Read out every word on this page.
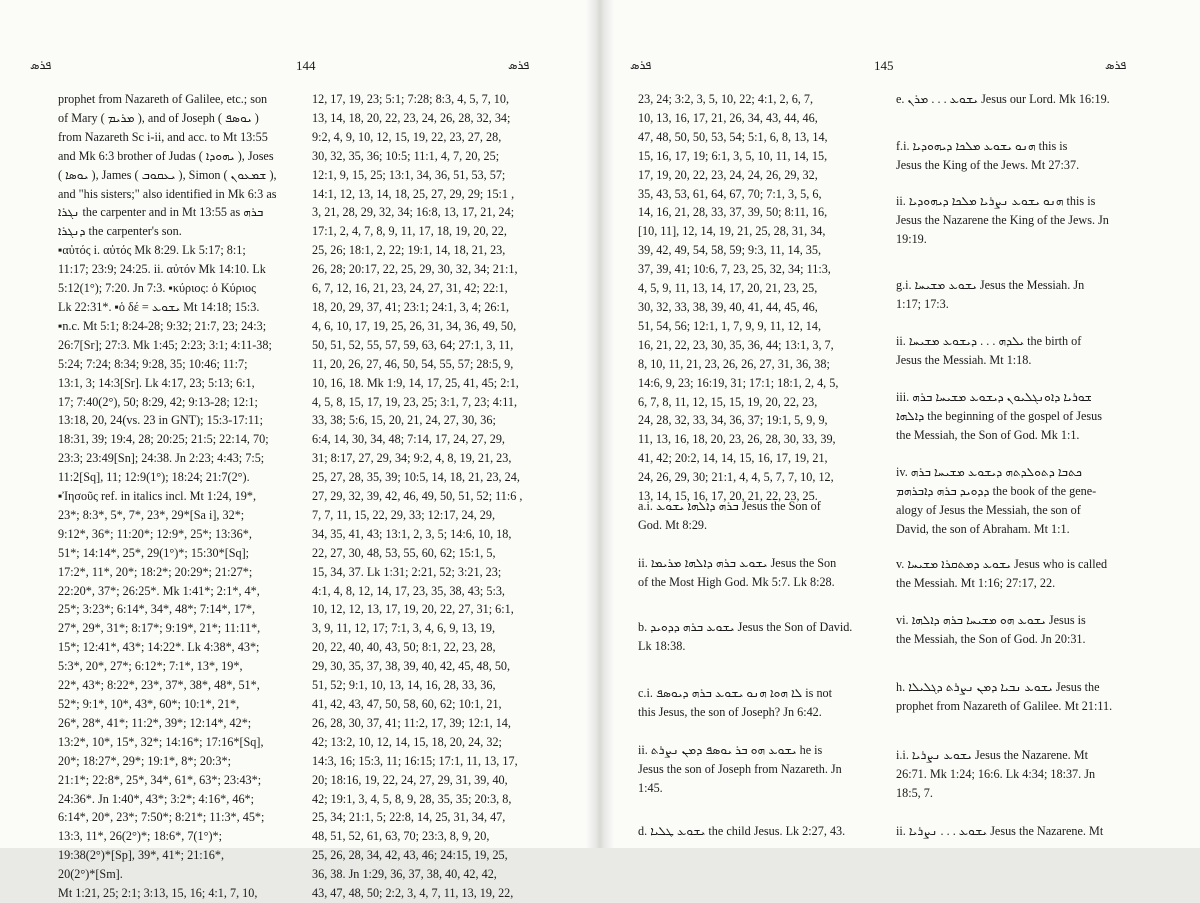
ܦܪܣ	144	ܦܪܣ

prophet from Nazareth of Galilee, etc.; son

of Mary ( ܡܪܝܡ ), and of Joseph ( ܝܘܣܦ )

from Nazareth Sc i-ii, and acc. to Mt 13:55

and Mk 6:3 brother of Judas ( ܝܗܘܕܐ ), Joses

( ܝܘܣܐ ), James ( ܝܥܩܘܒ ), Simon ( ܫܡܥܘܢ ),

and "his sisters;" also identified in Mk 6:3 as

ܢܓܪܐ the carpenter and in Mt 13:55 as ܒܪܗ

ܕܢܓܪܐ the carpenter's son.

▪αὐτός i. αὐτός Mk 8:29. Lk 5:17; 8:1;

11:17; 23:9; 24:25. ii. αὐτόν Mk 14:10. Lk

5:12(1°); 7:20. Jn 7:3. ▪κύριος: ὁ Κύριος

Lk 22:31*. ▪ὁ δέ = ܝܫܘܥ Mt 14:18; 15:3.

▪n.c. Mt 5:1; 8:24-28; 9:32; 21:7, 23; 24:3;

26:7[Sr]; 27:3. Mk 1:45; 2:23; 3:1; 4:11-38;

5:24; 7:24; 8:34; 9:28, 35; 10:46; 11:7;

13:1, 3; 14:3[Sr]. Lk 4:17, 23; 5:13; 6:1,

17; 7:40(2°), 50; 8:29, 42; 9:13-28; 12:1;

13:18, 20, 24(vs. 23 in GNT); 15:3-17:11;

18:31, 39; 19:4, 28; 20:25; 21:5; 22:14, 70;

23:3; 23:49[Sn]; 24:38. Jn 2:23; 4:43; 7:5;

11:2[Sq], 11; 12:9(1°); 18:24; 21:7(2°).

▪Ἰησοῦς ref. in italics incl. Mt 1:24, 19*,

23*; 8:3*, 5*, 7*, 23*, 29*[Sa i], 32*;

9:12*, 36*; 11:20*; 12:9*, 25*; 13:36*,

51*; 14:14*, 25*, 29(1°)*; 15:30*[Sq];

17:2*, 11*, 20*; 18:2*; 20:29*; 21:27*;

22:20*, 37*; 26:25*. Mk 1:41*; 2:1*, 4*,

25*; 3:23*; 6:14*, 34*, 48*; 7:14*, 17*,

27*, 29*, 31*; 8:17*; 9:19*, 21*; 11:11*,

15*; 12:41*, 43*; 14:22*. Lk 4:38*, 43*;

5:3*, 20*, 27*; 6:12*; 7:1*, 13*, 19*,

22*, 43*; 8:22*, 23*, 37*, 38*, 48*, 51*,

52*; 9:1*, 10*, 43*, 60*; 10:1*, 21*,

26*, 28*, 41*; 11:2*, 39*; 12:14*, 42*;

13:2*, 10*, 15*, 32*; 14:16*; 17:16*[Sq],

20*; 18:27*, 29*; 19:1*, 8*; 20:3*;

21:1*; 22:8*, 25*, 34*, 61*, 63*; 23:43*;

24:36*. Jn 1:40*, 43*; 3:2*; 4:16*, 46*;

6:14*, 20*, 23*; 7:50*; 8:21*; 11:3*, 45*;

13:3, 11*, 26(2°)*; 18:6*, 7(1°)*;

19:38(2°)*[Sp], 39*, 41*; 21:16*,

20(2°)*[Sm].

Mt 1:21, 25; 2:1; 3:13, 15, 16; 4:1, 7, 10,

12, 17, 19, 23; 5:1; 7:28; 8:3, 4, 5, 7, 10,

13, 14, 18, 20, 22, 23, 24, 26, 28, 32, 34;

9:2, 4, 9, 10, 12, 15, 19, 22, 23, 27, 28,

30, 32, 35, 36; 10:5; 11:1, 4, 7, 20, 25;

12:1, 9, 15, 25; 13:1, 34, 36, 51, 53, 57;

14:1, 12, 13, 14, 18, 25, 27, 29, 29; 15:1 ,

3, 21, 28, 29, 32, 34; 16:8, 13, 17, 21, 24;

17:1, 2, 4, 7, 8, 9, 11, 17, 18, 19, 20, 22,

25, 26; 18:1, 2, 22; 19:1, 14, 18, 21, 23,

26, 28; 20:17, 22, 25, 29, 30, 32, 34; 21:1,

6, 7, 12, 16, 21, 23, 24, 27, 31, 42; 22:1,

18, 20, 29, 37, 41; 23:1; 24:1, 3, 4; 26:1,

4, 6, 10, 17, 19, 25, 26, 31, 34, 36, 49, 50,

50, 51, 52, 55, 57, 59, 63, 64; 27:1, 3, 11,

11, 20, 26, 27, 46, 50, 54, 55, 57; 28:5, 9,

10, 16, 18. Mk 1:9, 14, 17, 25, 41, 45; 2:1,

4, 5, 8, 15, 17, 19, 23, 25; 3:1, 7, 23; 4:11,

33, 38; 5:6, 15, 20, 21, 24, 27, 30, 36;

6:4, 14, 30, 34, 48; 7:14, 17, 24, 27, 29,

31; 8:17, 27, 29, 34; 9:2, 4, 8, 19, 21, 23,

25, 27, 28, 35, 39; 10:5, 14, 18, 21, 23, 24,

27, 29, 32, 39, 42, 46, 49, 50, 51, 52; 11:6 ,

7, 7, 11, 15, 22, 29, 33; 12:17, 24, 29,

34, 35, 41, 43; 13:1, 2, 3, 5; 14:6, 10, 18,

22, 27, 30, 48, 53, 55, 60, 62; 15:1, 5,

15, 34, 37. Lk 1:31; 2:21, 52; 3:21, 23;

4:1, 4, 8, 12, 14, 17, 23, 35, 38, 43; 5:3,

10, 12, 12, 13, 17, 19, 20, 22, 27, 31; 6:1,

3, 9, 11, 12, 17; 7:1, 3, 4, 6, 9, 13, 19,

20, 22, 40, 40, 43, 50; 8:1, 22, 23, 28,

29, 30, 35, 37, 38, 39, 40, 42, 45, 48, 50,

51, 52; 9:1, 10, 13, 14, 16, 28, 33, 36,

41, 42, 43, 47, 50, 58, 60, 62; 10:1, 21,

26, 28, 30, 37, 41; 11:2, 17, 39; 12:1, 14,

42; 13:2, 10, 12, 14, 15, 18, 20, 24, 32;

14:3, 16; 15:3, 11; 16:15; 17:1, 11, 13, 17,

20; 18:16, 19, 22, 24, 27, 29, 31, 39, 40,

42; 19:1, 3, 4, 5, 8, 9, 28, 35, 35; 20:3, 8,

25, 34; 21:1, 5; 22:8, 14, 25, 31, 34, 47,

48, 51, 52, 61, 63, 70; 23:3, 8, 9, 20,

25, 26, 28, 34, 42, 43, 46; 24:15, 19, 25,

36, 38. Jn 1:29, 36, 37, 38, 40, 42, 42,

43, 47, 48, 50; 2:2, 3, 4, 7, 11, 13, 19, 22,

ܦܪܣ	145	ܦܪܣ

23, 24; 3:2, 3, 5, 10, 22; 4:1, 2, 6, 7,

10, 13, 16, 17, 21, 26, 34, 43, 44, 46,

47, 48, 50, 50, 53, 54; 5:1, 6, 8, 13, 14,

15, 16, 17, 19; 6:1, 3, 5, 10, 11, 14, 15,

17, 19, 20, 22, 23, 24, 24, 26, 29, 32,

35, 43, 53, 61, 64, 67, 70; 7:1, 3, 5, 6,

14, 16, 21, 28, 33, 37, 39, 50; 8:11, 16,

[10, 11], 12, 14, 19, 21, 25, 28, 31, 34,

39, 42, 49, 54, 58, 59; 9:3, 11, 14, 35,

37, 39, 41; 10:6, 7, 23, 25, 32, 34; 11:3,

4, 5, 9, 11, 13, 14, 17, 20, 21, 23, 25,

30, 32, 33, 38, 39, 40, 41, 44, 45, 46,

51, 54, 56; 12:1, 1, 7, 9, 9, 11, 12, 14,

16, 21, 22, 23, 30, 35, 36, 44; 13:1, 3, 7,

8, 10, 11, 21, 23, 26, 26, 27, 31, 36, 38;

14:6, 9, 23; 16:19, 31; 17:1; 18:1, 2, 4, 5,

6, 7, 8, 11, 12, 15, 15, 19, 20, 22, 23,

24, 28, 32, 33, 34, 36, 37; 19:1, 5, 9, 9,

11, 13, 16, 18, 20, 23, 26, 28, 30, 33, 39,

41, 42; 20:2, 14, 14, 15, 16, 17, 19, 21,

24, 26, 29, 30; 21:1, 4, 4, 5, 7, 7, 10, 12,

13, 14, 15, 16, 17, 20, 21, 22, 23, 25.

a.i. ܒܪܗ ܕܐܠܗܐ ܝܫܘܥ Jesus the Son of
God. Mt 8:29.
ii. ܝܫܘܥ ܒܪܗ ܕܐܠܗܐ ܡܪܝܡܐ Jesus the Son
of the Most High God. Mk 5:7. Lk 8:28.
b. ܝܫܘܥ ܒܪܗ ܕܕܘܝܕ Jesus the Son of David.
Lk 18:38.
c.i. ܠܐ ܗܘܐ ܗܢܘ ܝܫܘܥ ܒܪܗ ܕܝܘܣܦ is not
this Jesus, the son of Joseph? Jn 6:42.
ii. ܝܫܘܥ ܗܘ ܒܪ ܝܘܣܦ ܕܡܢ ܢܨܪܬ he is
Jesus the son of Joseph from Nazareth. Jn
1:45.
d. ܝܫܘܥ ܛܠܝܐ the child Jesus. Lk 2:27, 43.
e. ܝܫܘܥ . . . ܡܪܢ Jesus our Lord. Mk 16:19.
f.i. ܗܢܘ ܝܫܘܥ ܡܠܟܐ ܕܝܗܘܕܝܐ this is
Jesus the King of the Jews. Mt 27:37.
ii. ܗܢܘ ܝܫܘܥ ܢܨܪܝܐ ܡܠܟܐ ܕܝܗܘܕܝܐ this is
Jesus the Nazarene the King of the Jews. Jn
19:19.
g.i. ܝܫܘܥ ܡܫܝܚܐ Jesus the Messiah. Jn
1:17; 17:3.
ii. ܝܠܕܗ . . . ܕܝܫܘܥ ܡܫܝܚܐ the birth of
Jesus the Messiah. Mt 1:18.
iii. ܫܘܪܝܐ ܕܐܘܢܓܠܝܘܢ ܕܝܫܘܥ ܡܫܝܚܐ ܒܪܗ
ܕܐܠܗܐ the beginning of the gospel of Jesus
the Messiah, the Son of God. Mk 1:1.
iv. ܟܬܒܐ ܕܬܘܠܕܬܗ ܕܝܫܘܥ ܡܫܝܚܐ ܒܪܗ
ܕܕܘܝܕ ܒܪܗ ܕܐܒܪܗܡ the book of the gene-
alogy of Jesus the Messiah, the son of
David, the son of Abraham. Mt 1:1.
v. ܝܫܘܥ ܕܡܬܩܪܐ ܡܫܝܚܐ Jesus who is called
the Messiah. Mt 1:16; 27:17, 22.
vi. ܝܫܘܥ ܗܘ ܡܫܝܚܐ ܒܪܗ ܕܐܠܗܐ Jesus is
the Messiah, the Son of God. Jn 20:31.
h. ܝܫܘܥ ܢܒܝܐ ܕܡܢ ܢܨܪܬ ܕܓܠܝܠܐ Jesus the
prophet from Nazareth of Galilee. Mt 21:11.
i.i. ܝܫܘܥ ܢܨܪܝܐ Jesus the Nazarene. Mt
26:71. Mk 1:24; 16:6. Lk 4:34; 18:37. Jn
18:5, 7.
ii. ܝܫܘܥ . . . ܢܨܪܝܐ Jesus the Nazarene. Mt
